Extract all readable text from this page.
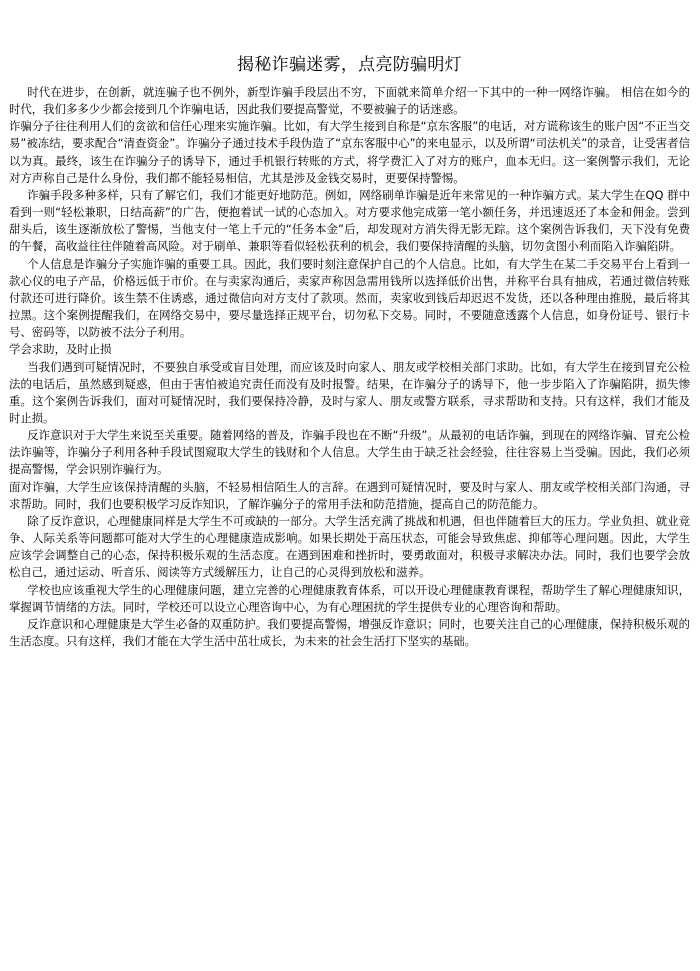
揭秘诈骗迷雾，点亮防骗明灯

时代在进步，在创新，就连骗子也不例外，新型诈骗手段层出不穷，下面就来简单介绍一下其中的一种一网络诈骗。 相信在如今的时代，我们多多少少都会接到几个诈骗电话，因此我们要提高警觉，不要被骗子的话迷惑。

诈骗分子往往利用人们的贪欲和信任心理来实施诈骗。比如，有大学生接到自称是“京东客服”的电话，对方谎称该生的账户因“不正当交易”被冻结，要求配合“清查资金”。诈骗分子通过技术手段伪造了“京东客服中心”的来电显示，以及所谓“司法机关”的录音，让受害者信以为真。最终，该生在诈骗分子的诱导下，通过手机银行转账的方式，将学费汇入了对方的账户，血本无归。这一案例警示我们，无论对方声称自己是什么身份，我们都不能轻易相信，尤其是涉及金钱交易时，更要保持警惕。

诈骗手段多种多样，只有了解它们，我们才能更好地防范。例如，网络刷单诈骗是近年来常见的一种诈骗方式。某大学生在QQ 群中看到一则“轻松兼职，日结高薪”的广告，便抱着试一试的心态加入。对方要求他完成第一笔小额任务，并迅速返还了本金和佣金。尝到甜头后，该生逐渐放松了警惕，当他支付一笔上千元的“任务本金”后，却发现对方消失得无影无踪。这个案例告诉我们，天下没有免费的午餐，高收益往往伴随着高风险。对于刷单、兼职等看似轻松获利的机会，我们要保持清醒的头脑，切勿贪图小利而陷入诈骗陷阱。

个人信息是诈骗分子实施诈骗的重要工具。因此，我们要时刻注意保护自己的个人信息。比如，有大学生在某二手交易平台上看到一款心仪的电子产品，价格远低于市价。在与卖家沟通后，卖家声称因急需用钱所以选择低价出售，并称平台具有抽成，若通过微信转账付款还可进行降价。该生禁不住诱惑，通过微信向对方支付了款项。然而，卖家收到钱后却迟迟不发货，还以各种理由推脱，最后将其拉黑。这个案例提醒我们，在网络交易中，要尽量选择正规平台，切勿私下交易。同时，不要随意透露个人信息，如身份证号、银行卡号、密码等，以防被不法分子利用。

学会求助，及时止损

当我们遇到可疑情况时，不要独自承受或盲目处理，而应该及时向家人、朋友或学校相关部门求助。比如，有大学生在接到冒充公检法的电话后，虽然感到疑惑，但由于害怕被追究责任而没有及时报警。结果，在诈骗分子的诱导下，他一步步陷入了诈骗陷阱，损失惨重。这个案例告诉我们，面对可疑情况时，我们要保持冷静，及时与家人、朋友或警方联系，寻求帮助和支持。只有这样，我们才能及时止损。

反诈意识对于大学生来说至关重要。随着网络的普及，诈骗手段也在不断“升级”。从最初的电话诈骗，到现在的网络诈骗、冒充公检法诈骗等，诈骗分子利用各种手段试图窥取大学生的钱财和个人信息。大学生由于缺乏社会经验，往往容易上当受骗。因此，我们必须提高警惕，学会识别诈骗行为。

面对诈骗，大学生应该保持清醒的头脑，不轻易相信陌生人的言辞。在遇到可疑情况时，要及时与家人、朋友或学校相关部门沟通，寻求帮助。同时，我们也要积极学习反诈知识，了解诈骗分子的常用手法和防范措施，提高自己的防范能力。

除了反诈意识，心理健康同样是大学生不可或缺的一部分。大学生活充满了挑战和机遇，但也伴随着巨大的压力。学业负担、就业竞争、人际关系等问题都可能对大学生的心理健康造成影响。如果长期处于高压状态，可能会导致焦虑、抑郁等心理问题。因此，大学生应该学会调整自己的心态，保持积极乐观的生活态度。在遇到困难和挫折时，要勇敢面对，积极寻求解决办法。同时，我们也要学会放松自己，通过运动、听音乐、阅读等方式缓解压力，让自己的心灵得到放松和滋养。

学校也应该重视大学生的心理健康问题，建立完善的心理健康教育体系，可以开设心理健康教育课程，帮助学生了解心理健康知识，掌握调节情绪的方法。同时，学校还可以设立心理咨询中心，为有心理困扰的学生提供专业的心理咨询和帮助。

反诈意识和心理健康是大学生必备的双重防护。我们要提高警惕，增强反诈意识；同时，也要关注自己的心理健康，保持积极乐观的生活态度。只有这样，我们才能在大学生活中茁壮成长，为未来的社会生活打下坚实的基础。
